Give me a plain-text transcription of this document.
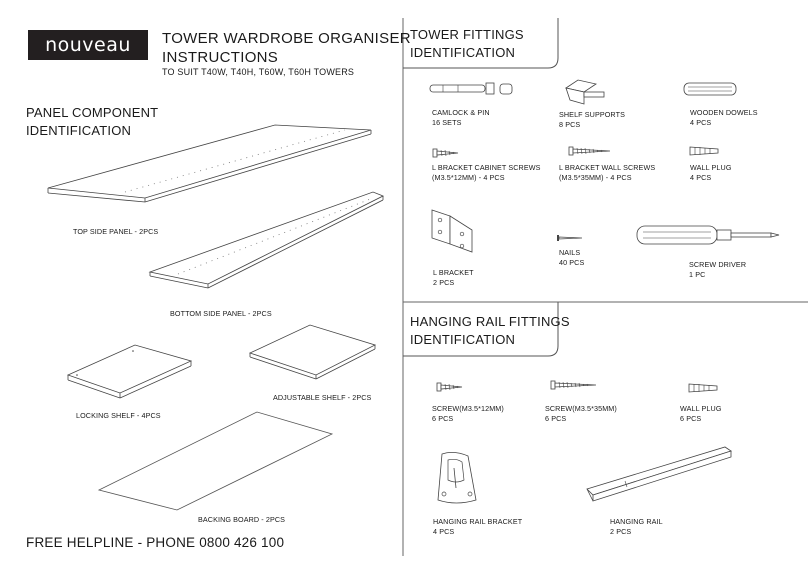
nouveau	TOWER WARDROBE ORGANISER
INSTRUCTIONS
TO SUIT T40W, T40H, T60W, T60H TOWERS
PANEL COMPONENT
IDENTIFICATION
TOP SIDE PANEL - 2PCS
BOTTOM SIDE PANEL - 2PCS
LOCKING SHELF - 4PCS
ADJUSTABLE SHELF - 2PCS
BACKING BOARD - 2PCS
FREE HELPLINE - PHONE 0800 426 100
TOWER FITTINGS
IDENTIFICATION
CAMLOCK & PIN
16 SETS
SHELF SUPPORTS
8 PCS
WOODEN DOWELS
4 PCS
L BRACKET CABINET SCREWS
(M3.5*12MM) - 4 PCS
L BRACKET WALL SCREWS
(M3.5*35MM) - 4 PCS
WALL PLUG
4 PCS
L BRACKET
2 PCS
NAILS
40 PCS	SCREW DRIVER
1 PC
HANGING RAIL FITTINGS
IDENTIFICATION
SCREW(M3.5*12MM)
6 PCS
SCREW(M3.5*35MM)
6 PCS
WALL PLUG
6 PCS
HANGING RAIL BRACKET
4 PCS
HANGING RAIL
2 PCS
